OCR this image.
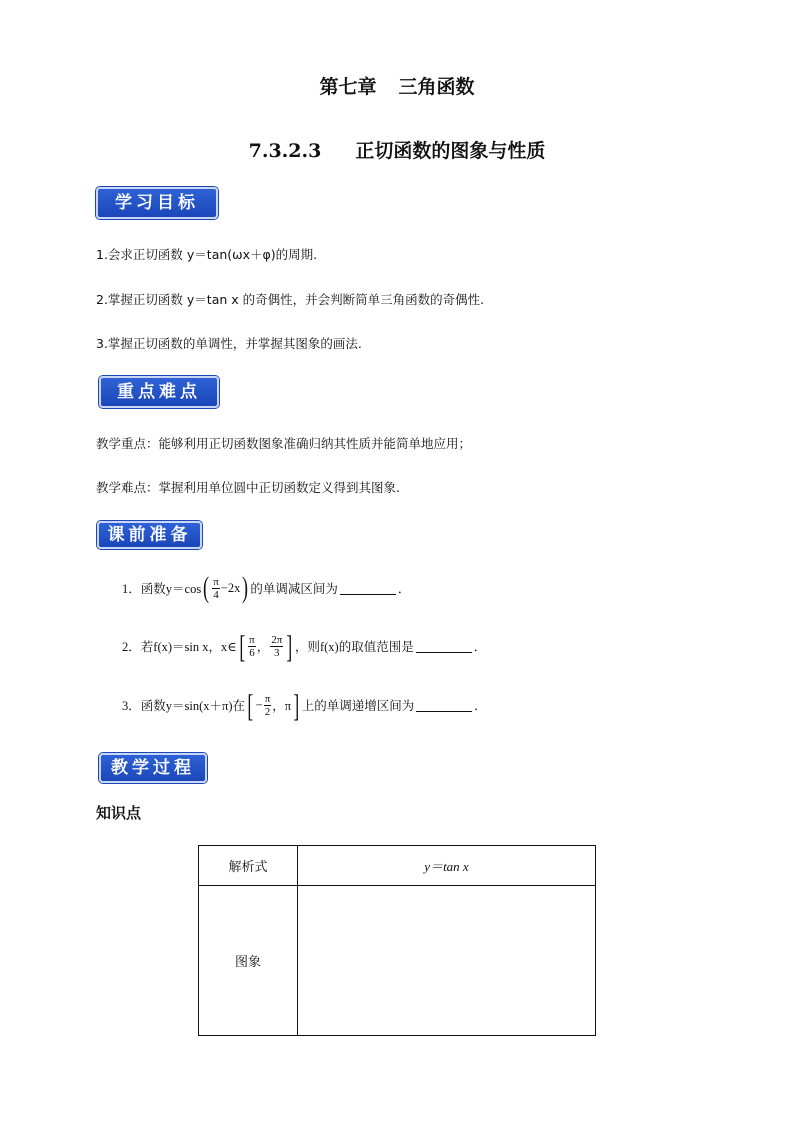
第七章 三角函数
7.3.2.3 正切函数的图象与性质
学习目标
1.会求正切函数 y＝tan(ωx＋φ)的周期.
2.掌握正切函数 y＝tan x 的奇偶性，并会判断简单三角函数的奇偶性.
3.掌握正切函数的单调性，并掌握其图象的画法.
重点难点
教学重点：能够利用正切函数图象准确归纳其性质并能简单地应用；
教学难点：掌握利用单位圆中正切函数定义得到其图象.
课前准备
1． 函数 y＝cos ( $\frac{\pi}{4} -2x$ ) 的单调减区间为	．
2． 若 f(x)＝sin x，x∈ [ $\frac{\pi}{6}$ ， $\frac{2\pi}{3}$ ] ，则f(x)的取值范围是	．
3． 函数 y＝sin(x＋π)在 [ − $\frac{\pi}{2}$ ，π ] 上的单调递增区间为	．
教学过程
知识点
解析式	y＝tan x
图象	
